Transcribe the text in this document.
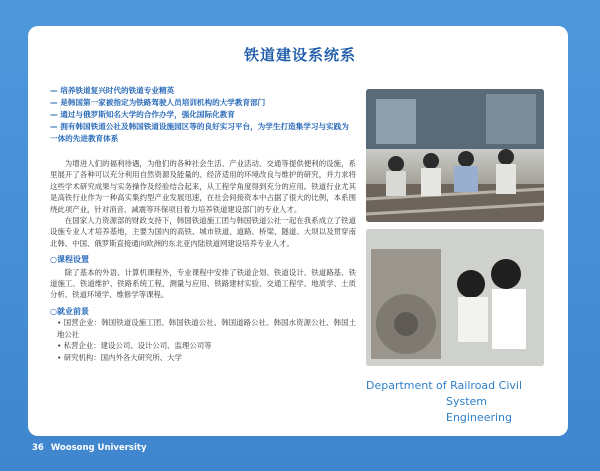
铁道建设系统系
— 培养铁道复兴时代的铁道专业精英
— 是韩国第一家被指定为铁路驾驶人员培训机构的大学教育部门
— 通过与俄罗斯知名大学的合作办学，强化国际化教育
— 拥有韩国铁道公社及韩国铁道设施园区等的良好实习平台，为学生打造集学习与实践为一体的先进教育体系

为增进人们的福利待遇，为他们的各种社会生活、产业活动、交通等提供便利的设施，系里展开了各种可以充分利用自然资源及能量的、经济适用的环境改良与维护的研究，并力求将这些学术研究成果与实务操作及经验结合起来，从工程学角度得到充分的应用。铁道行业尤其是高铁行业作为一种高实集约型产业发展迅速，在社会间接资本中占据了很大的比例，本系围绕此项产业，针对消音、减震等环保项目着力培养铁道建设部门的专业人才。

在国家人力资源部的财政支持下，韩国铁道施工团与韩国铁道公社一起在我系成立了铁道设施专业人才培养基地，主要为国内的高铁、城市铁道、道路、桥梁、隧道、大坝以及贯穿南北韩、中国、俄罗斯直接通向欧洲的东北亚内陆铁道网建设培养专业人才。

○课程设置

除了基本的外语、计算机课程外，专业课程中安排了铁道企划、铁道设计、铁道路基、铁道施工、铁道维护、铁路系统工程、测量与应用、铁路建材实验、交通工程学、地质学、土质分析、铁道环境学、维修学等课程。

○就业前景
• 国营企业：韩国铁道设施工团、韩国铁道公社、韩国道路公社、韩国水资源公社、韩国土地公社
• 私营企业：建设公司、设计公司、监理公司等
• 研究机构：国内外各大研究所、大学
Department of Railroad Civil
System Engineering
36 Woosong University
